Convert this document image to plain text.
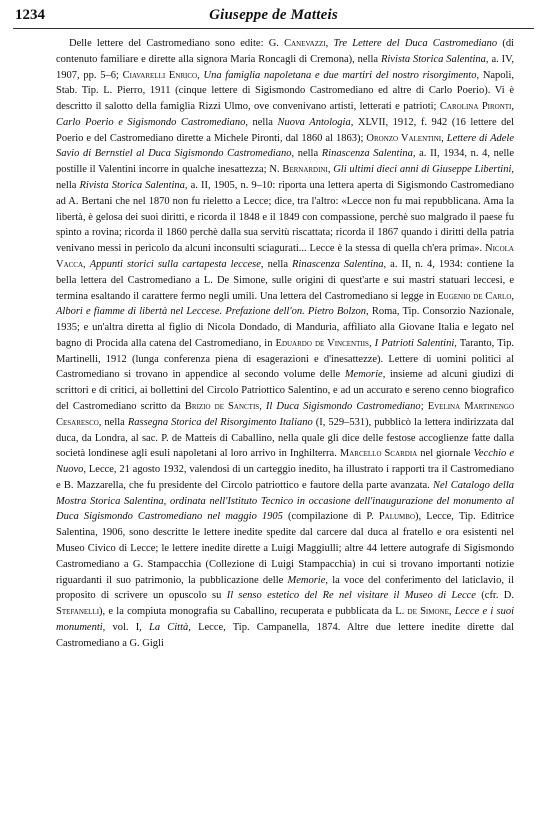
1234	Giuseppe de Matteis

Delle lettere del Castromediano sono edite: G. Canevazzi, Tre Lettere del Duca Castromediano (di contenuto familiare e dirette alla signora Maria Roncagli di Cremona), nella Rivista Storica Salentina, a. IV, 1907, pp. 5–6; Ciavarelli Enrico, Una famiglia napoletana e due martiri del nostro risorgimento, Napoli, Stab. Tip. L. Pierro, 1911 (cinque lettere di Sigismondo Castromediano ed altre di Carlo Poerio). Vi è descritto il salotto della famiglia Rizzi Ulmo, ove convenivano artisti, letterati e patrioti; Carolina Pironti, Carlo Poerio e Sigismondo Castromediano, nella Nuova Antologia, XLVII, 1912, f. 942 (16 lettere del Poerio e del Castromediano dirette a Michele Pironti, dal 1860 al 1863); Oronzo Valentini, Lettere di Adele Savio di Bernstiel al Duca Sigismondo Castromediano, nella Rinascenza Salentina, a. II, 1934, n. 4, nelle postille il Valentini incorre in qualche inesattezza; N. Bernardini, Gli ultimi dieci anni di Giuseppe Libertini, nella Rivista Storica Salentina, a. II, 1905, n. 9–10: riporta una lettera aperta di Sigismondo Castromediano ad A. Bertani che nel 1870 non fu rieletto a Lecce; dice, tra l'altro: «Lecce non fu mai repubblicana. Ama la libertà, è gelosa dei suoi diritti, e ricorda il 1848 e il 1849 con compassione, perchè suo malgrado il paese fu spinto a rovina; ricorda il 1860 perchè dalla sua servitù riscattata; ricorda il 1867 quando i diritti della patria venivano messi in pericolo da alcuni inconsulti sciagurati... Lecce è la stessa di quella ch'era prima». Nicola Vacca, Appunti storici sulla cartapesta leccese, nella Rinascenza Salentina, a. II, n. 4, 1934: contiene la bella lettera del Castromediano a L. De Simone, sulle origini di quest'arte e sui mastri statuari leccesi, e termina esaltando il carattere fermo negli umili. Una lettera del Castromediano si legge in Eugenio de Carlo, Albori e fiamme di libertà nel Leccese. Prefazione dell'on. Pietro Bolzon, Roma, Tip. Consorzio Nazionale, 1935; e un'altra diretta al figlio di Nicola Dondado, di Manduria, affiliato alla Giovane Italia e legato nel bagno di Procida alla catena del Castromediano, in Eduardo de Vincentiis, I Patrioti Salentini, Taranto, Tip. Martinelli, 1912 (lunga conferenza piena di esagerazioni e d'inesattezze). Lettere di uomini politici al Castromediano si trovano in appendice al secondo volume delle Memorie, insieme ad alcuni giudizi di scrittori e di critici, ai bollettini del Circolo Patriottico Salentino, e ad un accurato e sereno cenno biografico del Castromediano scritto da Brizio de Sanctis, Il Duca Sigismondo Castromediano; Evelina Martinengo Cesaresco, nella Rassegna Storica del Risorgimento Italiano (I, 529–531), pubblicò la lettera indirizzata dal duca, da Londra, al sac. P. de Matteis di Caballino, nella quale gli dice delle festose accoglienze fatte dalla società londinese agli esuli napoletani al loro arrivo in Inghilterra. Marcello Scardia nel giornale Vecchio e Nuovo, Lecce, 21 agosto 1932, valendosi di un carteggio inedito, ha illustrato i rapporti tra il Castromediano e B. Mazzarella, che fu presidente del Circolo patriottico e fautore della parte avanzata. Nel Catalogo della Mostra Storica Salentina, ordinata nell'Istituto Tecnico in occasione dell'inaugurazione del monumento al Duca Sigismondo Castromediano nel maggio 1905 (compilazione di P. Palumbo), Lecce, Tip. Editrice Salentina, 1906, sono descritte le lettere inedite spedite dal carcere dal duca al fratello e ora esistenti nel Museo Civico di Lecce; le lettere inedite dirette a Luigi Maggiulli; altre 44 lettere autografe di Sigismondo Castromediano a G. Stampacchia (Collezione di Luigi Stampacchia) in cui si trovano importanti notizie riguardanti il suo patrimonio, la pubblicazione delle Memorie, la voce del conferimento del laticlavio, il proposito di scrivere un opuscolo su Il senso estetico del Re nel visitare il Museo di Lecce (cfr. D. Stefanelli), e la compiuta monografia su Caballino, recuperata e pubblicata da L. de Simone, Lecce e i suoi monumenti, vol. I, La Città, Lecce, Tip. Campanella, 1874. Altre due lettere inedite dirette dal Castromediano a G. Gigli
